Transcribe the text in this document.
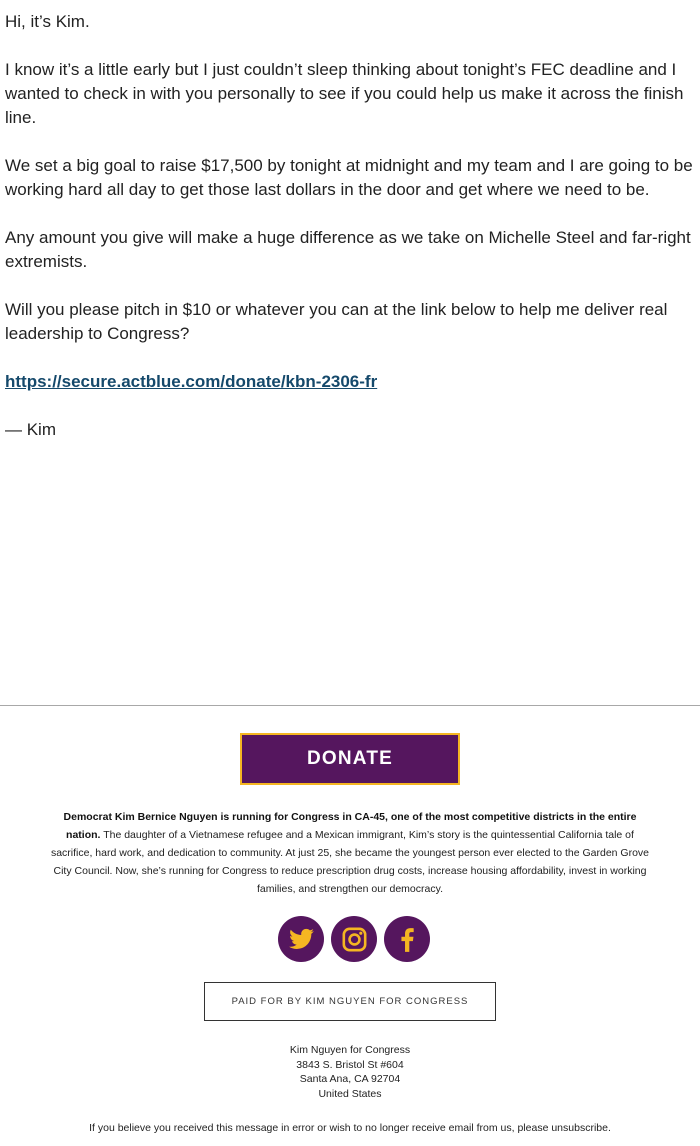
Hi, it’s Kim.

I know it’s a little early but I just couldn’t sleep thinking about tonight’s FEC deadline and I wanted to check in with you personally to see if you could help us make it across the finish line.

We set a big goal to raise $17,500 by tonight at midnight and my team and I are going to be working hard all day to get those last dollars in the door and get where we need to be.

Any amount you give will make a huge difference as we take on Michelle Steel and far-right extremists.

Will you please pitch in $10 or whatever you can at the link below to help me deliver real leadership to Congress?

https://secure.actblue.com/donate/kbn-2306-fr

— Kim

DONATE
Democrat Kim Bernice Nguyen is running for Congress in CA-45, one of the most competitive districts in the entire nation. The daughter of a Vietnamese refugee and a Mexican immigrant, Kim’s story is the quintessential California tale of sacrifice, hard work, and dedication to community. At just 25, she became the youngest person ever elected to the Garden Grove City Council. Now, she’s running for Congress to reduce prescription drug costs, increase housing affordability, invest in working families, and strengthen our democracy.
PAID FOR BY KIM NGUYEN FOR CONGRESS
Kim Nguyen for Congress
3843 S. Bristol St #604
Santa Ana, CA 92704
United States
If you believe you received this message in error or wish to no longer receive email from us, please unsubscribe.
